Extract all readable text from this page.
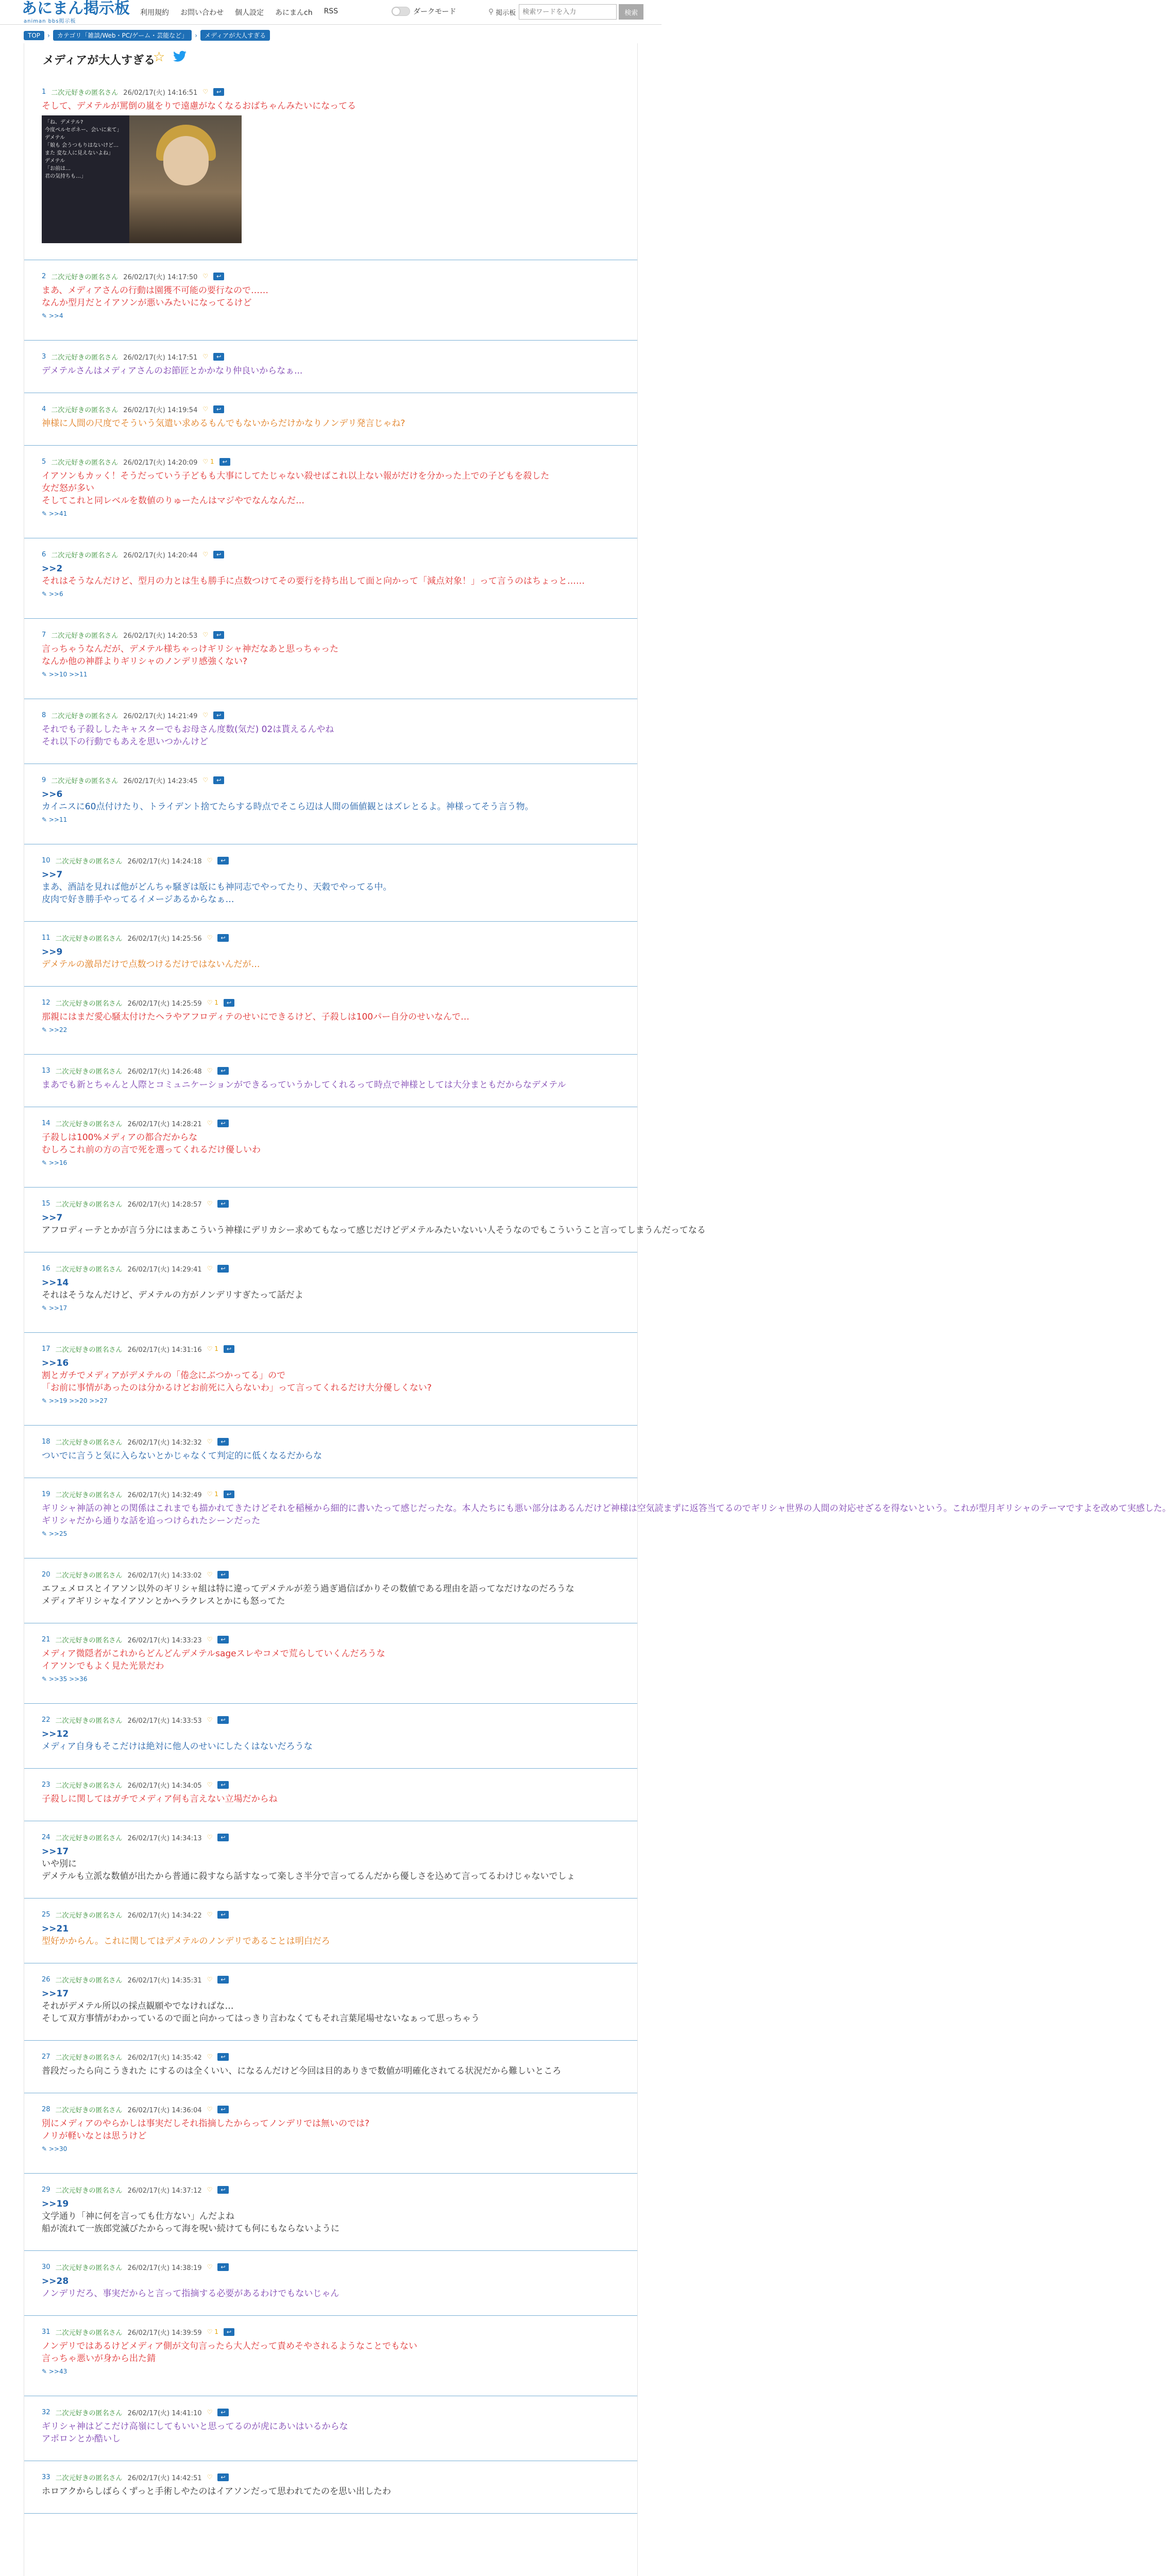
あにまん掲示板
animan bbs掲示板
利用規約 お問い合わせ 個人設定 あにまんch RSS	ダークモード	⚲ 掲示板
検索ワードを入力	検索
TOP	›	カテゴリ「雑談/Web・PC/ゲーム・芸能など」	›	メディアが大人すぎる
メディアが大人すぎる
☆
1 二次元好きの匿名さん 26/02/17(火) 14:16:51 ♡	↩
そして、デメテルが罵倒の嵐をりで遠慮がなくなるおばちゃんみたいになってる
「ね、デメテル?
今度ペルセポネー、会いに来て」
デメテル
「娘も 会うつもりはないけど…
また 変な人に見えないよね」
デメテル
「お前は…
君の気持ちも…」
2 二次元好きの匿名さん 26/02/17(火) 14:17:50 ♡	↩
まあ、メディアさんの行動は園獲不可能の要行なので……
なんか型月だとイアソンが悪いみたいになってるけど
✎ >>4
3 二次元好きの匿名さん 26/02/17(火) 14:17:51 ♡	↩
デメテルさんはメディアさんのお節匠とかかなり仲良いからなぁ...
4 二次元好きの匿名さん 26/02/17(火) 14:19:54 ♡	↩
神様に人間の尺度でそういう気遣い求めるもんでもないからだけかなりノンデリ発言じゃね?
5 二次元好きの匿名さん 26/02/17(火) 14:20:09 ♡ 1	↩
イアソンもカッく！そうだっていう子どもも大事にしてたじゃない殺せばこれ以上ない報がだけを分かった上での子どもを殺した
女だ怒が多い
そしてこれと同レベルを数値のりゅーたんはマジやでなんなんだ…
✎ >>41
6 二次元好きの匿名さん 26/02/17(火) 14:20:44 ♡	↩
>>2
それはそうなんだけど、型月の力とは生も勝手に点数つけてその要行を持ち出して面と向かって「減点対象！」って言うのはちょっと……
✎ >>6
7 二次元好きの匿名さん 26/02/17(火) 14:20:53 ♡	↩
言っちゃうなんだが、デメテル様ちゃっけギリシャ神だなあと思っちゃった
なんか他の神群よりギリシャのノンデリ感強くない?
✎ >>10 >>11
8 二次元好きの匿名さん 26/02/17(火) 14:21:49 ♡	↩
それでも子殺ししたキャスターでもお母さん度数(気だ) 02は貰えるんやね
それ以下の行動でもあえを思いつかんけど
9 二次元好きの匿名さん 26/02/17(火) 14:23:45 ♡	↩
>>6
カイニスに60点付けたり、トライデント捨てたらする時点でそこら辺は人間の価値観とはズレとるよ。神様ってそう言う物。
✎ >>11
10 二次元好きの匿名さん 26/02/17(火) 14:24:18 ♡	↩
>>7
まあ、酒詰を見れば他がどんちゃ騒ぎは版にも神同志でやってたり、天穀でやってる中。
皮肉で好き勝手やってるイメージあるからなぁ…
11 二次元好きの匿名さん 26/02/17(火) 14:25:56 ♡	↩
>>9
デメテルの激昂だけで点数つけるだけではないんだが…
12 二次元好きの匿名さん 26/02/17(火) 14:25:59 ♡ 1	↩
那親にはまだ愛心騒太付けたヘラやアフロディテのせいにできるけど、子殺しは100パー自分のせいなんで…
✎ >>22
13 二次元好きの匿名さん 26/02/17(火) 14:26:48 ♡	↩
まあでも新とちゃんと人際とコミュニケーションができるっていうかしてくれるって時点で神様としては大分まともだからなデメテル
14 二次元好きの匿名さん 26/02/17(火) 14:28:21 ♡	↩
子殺しは100%メディアの都合だからな
むしろこれ前の方の言で死を選ってくれるだけ優しいわ
✎ >>16
15 二次元好きの匿名さん 26/02/17(火) 14:28:57 ♡	↩
>>7
アフロディーテとかが言う分にはまあこういう神様にデリカシー求めてもなって感じだけどデメテルみたいないい人そうなのでもこういうこと言ってしまうんだってなる
16 二次元好きの匿名さん 26/02/17(火) 14:29:41 ♡	↩
>>14
それはそうなんだけど、デメテルの方がノンデリすぎたって話だよ
✎ >>17
17 二次元好きの匿名さん 26/02/17(火) 14:31:16 ♡ 1	↩
>>16
割とガチでメディアがデメテルの「倦念にぶつかってる」ので
「お前に事情があったのは分かるけどお前死に入らないわ」って言ってくれるだけ大分優しくない?
✎ >>19 >>20 >>27
18 二次元好きの匿名さん 26/02/17(火) 14:32:32 ♡	↩
ついでに言うと気に入らないとかじゃなくて判定的に低くなるだからな
19 二次元好きの匿名さん 26/02/17(火) 14:32:49 ♡ 1	↩
ギリシャ神話の神との関係はこれまでも描かれてきたけどそれを稲極から細的に書いたって感じだったな。本人たちにも悪い部分はあるんだけど神様は空気読まずに返答当てるのでギリシャ世界の人間の対応せざるを得ないという。これが型月ギリシャのテーマですよを改めて実感した。
ギリシャだから通りな話を追っつけられたシーンだった
✎ >>25
20 二次元好きの匿名さん 26/02/17(火) 14:33:02 ♡	↩
エフェメロスとイアソン以外のギリシャ組は特に違ってデメテルが差う過ぎ過信ばかりその数値である理由を語ってなだけなのだろうな
メディアギリシャなイアソンとかヘラクレスとかにも怒ってた
21 二次元好きの匿名さん 26/02/17(火) 14:33:23 ♡	↩
メディア微隠者がこれからどんどんデメテルsageスレやコメで荒らしていくんだろうな
イアソンでもよく見た光景だわ
✎ >>35 >>36
22 二次元好きの匿名さん 26/02/17(火) 14:33:53 ♡	↩
>>12
メディア自身もそこだけは絶対に他人のせいにしたくはないだろうな
23 二次元好きの匿名さん 26/02/17(火) 14:34:05 ♡	↩
子殺しに関してはガチでメディア何も言えない立場だからね
24 二次元好きの匿名さん 26/02/17(火) 14:34:13 ♡	↩
>>17
いや別に
デメテルも立派な数値が出たから普通に殺すなら話すなって楽しさ半分で言ってるんだから優しさを込めて言ってるわけじゃないでしょ
25 二次元好きの匿名さん 26/02/17(火) 14:34:22 ♡	↩
>>21
型好かからん。これに関してはデメテルのノンデリであることは明白だろ
26 二次元好きの匿名さん 26/02/17(火) 14:35:31 ♡	↩
>>17
それがデメテル所以の採点観願やでなければな…
そして双方事情がわかっているので面と向かってはっきり言わなくてもそれ言葉尾場せないなぁって思っちゃう
27 二次元好きの匿名さん 26/02/17(火) 14:35:42 ♡	↩
普段だったら向こうきれた にするのは全くいい、になるんだけど今回は目的ありきで数値が明確化されてる状況だから難しいところ
28 二次元好きの匿名さん 26/02/17(火) 14:36:04 ♡	↩
別にメディアのやらかしは事実だしそれ指摘したからってノンデリでは無いのでは?
ノリが軽いなとは思うけど
✎ >>30
29 二次元好きの匿名さん 26/02/17(火) 14:37:12 ♡	↩
>>19
文学通り「神に何を言っても仕方ない」んだよね
船が流れて一族郎党滅びたからって海を呪い続けても何にもならないように
30 二次元好きの匿名さん 26/02/17(火) 14:38:19 ♡	↩
>>28
ノンデリだろ、事実だからと言って指摘する必要があるわけでもないじゃん
31 二次元好きの匿名さん 26/02/17(火) 14:39:59 ♡ 1	↩
ノンデリではあるけどメディア側が文句言ったら大人だって責めそやされるようなことでもない
言っちゃ悪いが身から出た錆
✎ >>43
32 二次元好きの匿名さん 26/02/17(火) 14:41:10 ♡	↩
ギリシャ神はどこだけ高嶺にしてもいいと思ってるのが虎にあいはいるからな
アポロンとか酷いし
33 二次元好きの匿名さん 26/02/17(火) 14:42:51 ♡	↩
ホロアクからしばらくずっと手術しやたのはイアソンだって思われてたのを思い出したわ
